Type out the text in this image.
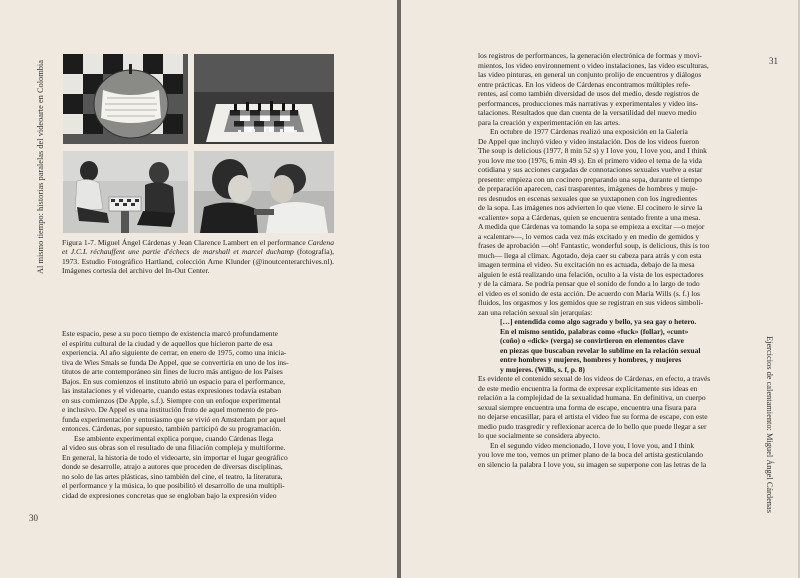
Al mismo tiempo: historias paralelas del videoarte en Colombia Figura 1-7. Miguel Ángel Cárdenas y Jean Clarence Lambert en el performance Cardena et J.C.L réchauffent une partie d'échecs de marshall et marcel duchamp (fotografía), 1973. Estudio Fotográfico Hartland, colección Arne Klunder (@inoutcenterarchives.nl). Imágenes cortesía del archivo del In-Out Center.

Este espacio, pese a su poco tiempo de existencia marcó profundamente
el espíritu cultural de la ciudad y de aquellos que hicieron parte de esa
experiencia. Al año siguiente de cerrar, en enero de 1975, como una inicia-
tiva de Wies Smals se funda De Appel, que se convertiría en uno de los ins-
titutos de arte contemporáneo sin fines de lucro más antiguo de los Países
Bajos. En sus comienzos el instituto abrió un espacio para el performance,
las instalaciones y el videoarte, cuando estas expresiones todavía estaban
en sus comienzos (De Apple, s.f.). Siempre con un enfoque experimental
e inclusivo. De Appel es una institución fruto de aquel momento de pro-
funda experimentación y entusiasmo que se vivió en Amsterdam por aquel
entonces. Cárdenas, por supuesto, también participó de su programación.
Ese ambiente experimental explica porque, cuando Cárdenas llega
al video sus obras son el resultado de una filiación compleja y multiforme.
En general, la historia de todo el videoarte, sin importar el lugar geográfico
donde se desarrolle, atrajo a autores que proceden de diversas disciplinas,
no solo de las artes plásticas, sino también del cine, el teatro, la literatura,
el performance y la música, lo que posibilitó el desarrollo de una multipli-
cidad de expresiones concretas que se engloban bajo la expresión video
30
31
los registros de performances, la generación electrónica de formas y movi-
mientos, los video environnement o video instalaciones, las video esculturas,
las video pinturas, en general un conjunto prolijo de encuentros y diálogos
entre prácticas. En los videos de Cárdenas encontramos múltiples refe-
rentes, así como también diversidad de usos del medio, desde registros de
performances, producciones más narrativas y experimentales y video ins-
talaciones. Resultados que dan cuenta de la versatilidad del nuevo medio
para la creación y experimentación en las artes.
En octubre de 1977 Cárdenas realizó una exposición en la Galería
De Appel que incluyó video y video instalación. Dos de los videos fueron
The soup is delicious (1977, 8 min 52 s) y I love you, I love you, and I think
you love me too (1976, 6 min 49 s). En el primero video el tema de la vida
cotidiana y sus acciones cargadas de connotaciones sexuales vuelve a estar
presente: empieza con un cocinero preparando una sopa, durante el tiempo
de preparación aparecen, casi trasparentes, imágenes de hombres y muje-
res desnudos en escenas sexuales que se yuxtaponen con los ingredientes
de la sopa. Las imágenes nos advierten lo que viene. El cocinero le sirve la
«caliente» sopa a Cárdenas, quien se encuentra sentado frente a una mesa.
A medida que Cárdenas va tomando la sopa se empieza a excitar —o mejor
a «calentar»—, lo vemos cada vez más excitado y en medio de gemidos y
frases de aprobación —oh! Fantastic, wonderful soup, is delicious, this is too
much— llega al clímax. Agotado, deja caer su cabeza para atrás y con esta
imagen termina el video. Su excitación no es actuada, debajo de la mesa
alguien le está realizando una felación, oculto a la vista de los espectadores
y de la cámara. Se podría pensar que el sonido de fondo a lo largo de todo
el video es el sonido de esta acción. De acuerdo con María Wills (s. f.) los
fluidos, los orgasmos y los gemidos que se registran en sus videos simboli-
zan una relación sexual sin jerarquías:
[…] entendida como algo sagrado y bello, ya sea gay o hetero.
En el mismo sentido, palabras como «fuck» (follar), «cunt»
(coño) o «dick» (verga) se convirtieron en elementos clave
en piezas que buscaban revelar lo sublime en la relación sexual
entre hombres y mujeres, hombres y hombres, y mujeres
y mujeres. (Wills, s. f, p. 8)
Es evidente el contenido sexual de los videos de Cárdenas, en efecto, a través
de este medio encuentra la forma de expresar explícitamente sus ideas en
relación a la complejidad de la sexualidad humana. En definitiva, un cuerpo
sexual siempre encuentra una forma de escape, encuentra una fisura para
no dejarse encasillar, para el artista el video fue su forma de escape, con este
medio pudo trasgredir y reflexionar acerca de lo bello que puede llegar a ser
lo que socialmente se considera abyecto.
En el segundo video mencionado, I love you, I love you, and I think
you love me too, vemos un primer plano de la boca del artista gesticulando
en silencio la palabra I love you, su imagen se superpone con las letras de la	Ejercicios de calentamiento: Miguel Ángel Cárdenas
